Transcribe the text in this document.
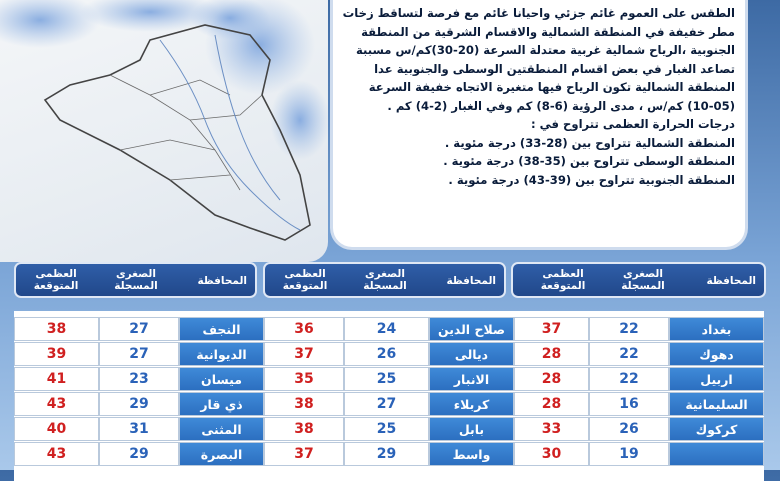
الطقس على العموم غائم جزئي واحيانا غائم مع فرصة لتساقط زخات مطر خفيفة في المنطقة الشمالية والاقسام الشرقية من المنطقة الجنوبية ،الرياح شمالية غربية معتدلة السرعة (20-30)كم/س مسببة تصاعد الغبار في بعض اقسام المنطقتين الوسطى والجنوبية عدا المنطقة الشمالية تكون الرياح فيها متغيرة الاتجاه خفيفة السرعة (05-10) كم/س ، مدى الرؤية (6-8) كم وفي الغبار (2-4) كم .

درجات الحرارة العظمى تتراوح في :

المنطقة الشمالية تتراوح بين (28-33) درجة مئوية .

المنطقة الوسطى تتراوح بين (35-38) درجة مئوية .

المنطقة الجنوبية تتراوح بين (39-43) درجة مئوية .

المحافظة
الصغرى
المسجلة
العظمى
المتوقعة	المحافظة
الصغرى
المسجلة
العظمى
المتوقعة	المحافظة
الصغرى
المسجلة
العظمى
المتوقعة
بغداد
22
37
صلاح الدين
24
36
النجف
27
38
دهوك
22
28
ديالى
26
37
الديوانية
27
39
اربيل
22
28
الانبار
25
35
ميسان
23
41
السليمانية
16
28
كربلاء
27
38
ذي قار
29
43
كركوك
26
33
بابل
25
38
المثنى
31
40
19
30
واسط
29
37
البصرة
29
43
